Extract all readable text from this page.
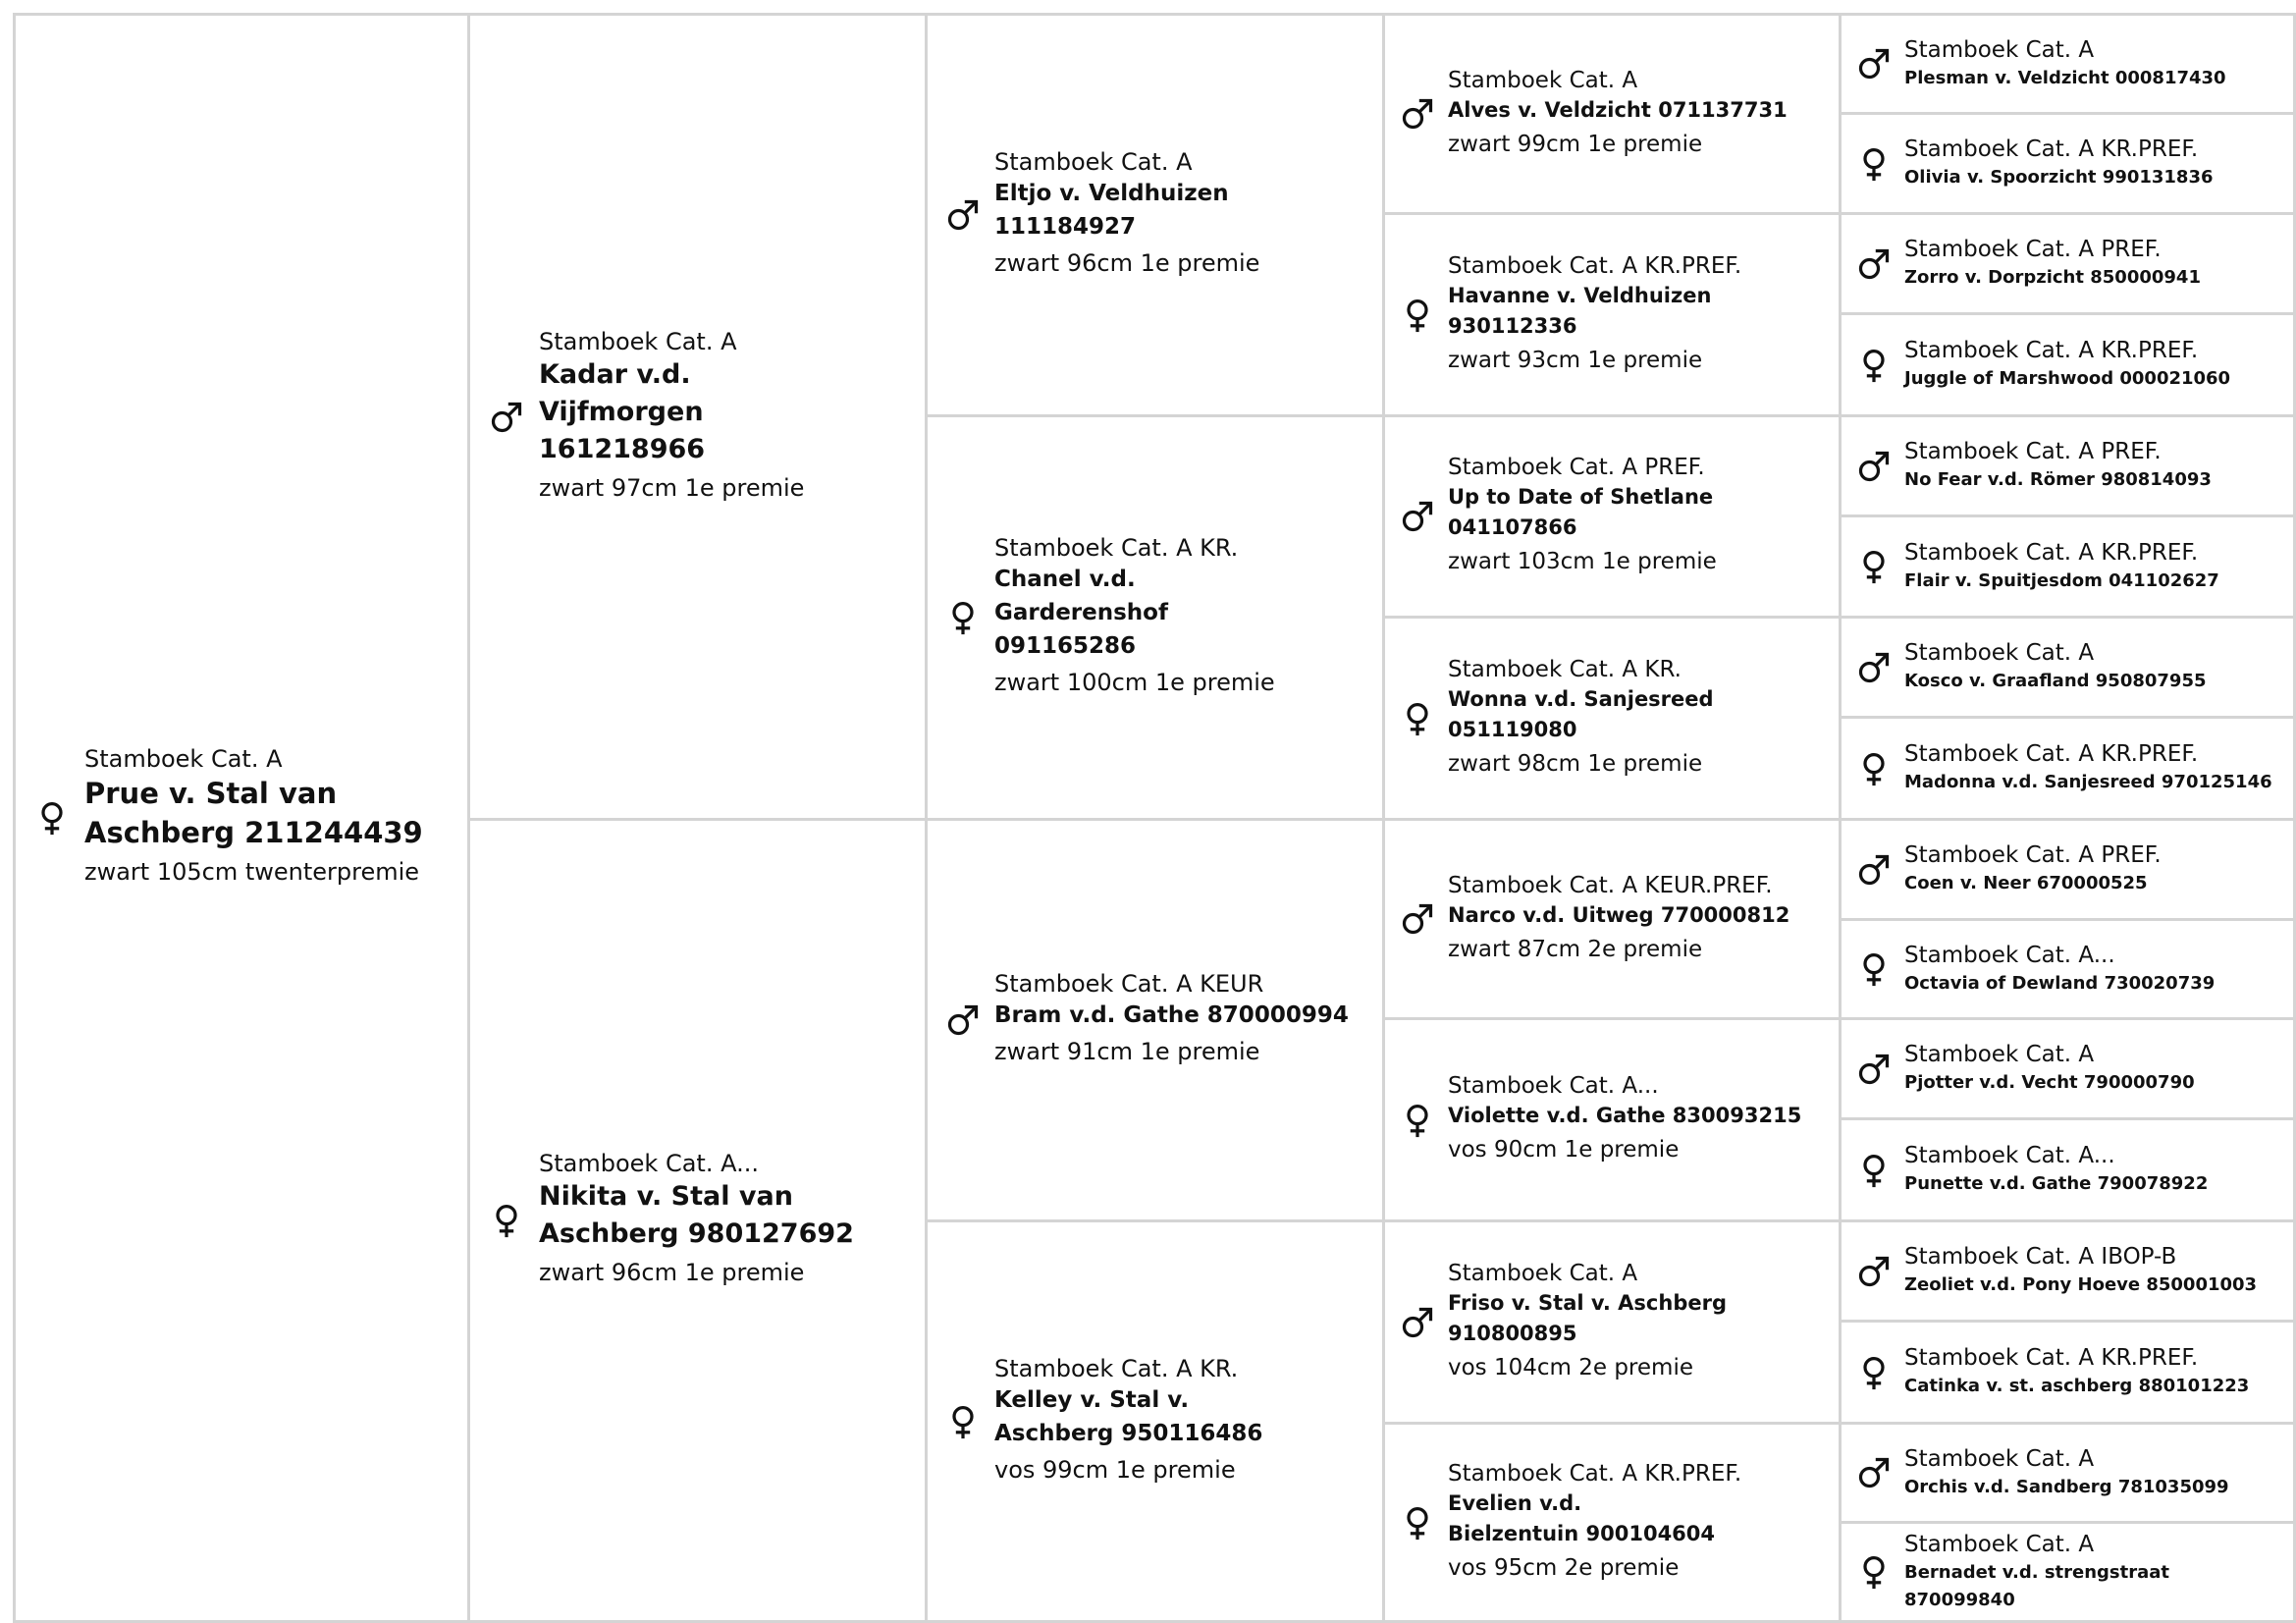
Stamboek Cat. A
Prue v. Stal van Aschberg 211244439
zwart 105cm twenterpremie
Stamboek Cat. A
Kadar v.d. Vijfmorgen 161218966
zwart 97cm 1e premie
Stamboek Cat. A...
Nikita v. Stal van Aschberg 980127692
zwart 96cm 1e premie
Stamboek Cat. A
Eltjo v. Veldhuizen 111184927
zwart 96cm 1e premie
Stamboek Cat. A KR.
Chanel v.d. Garderenshof 091165286
zwart 100cm 1e premie
Stamboek Cat. A KEUR
Bram v.d. Gathe 870000994
zwart 91cm 1e premie
Stamboek Cat. A KR.
Kelley v. Stal v. Aschberg 950116486
vos 99cm 1e premie
Stamboek Cat. A
Alves v. Veldzicht 071137731
zwart 99cm 1e premie
Stamboek Cat. A KR.PREF.
Havanne v. Veldhuizen 930112336
zwart 93cm 1e premie
Stamboek Cat. A PREF.
Up to Date of Shetlane 041107866
zwart 103cm 1e premie
Stamboek Cat. A KR.
Wonna v.d. Sanjesreed 051119080
zwart 98cm 1e premie
Stamboek Cat. A KEUR.PREF.
Narco v.d. Uitweg 770000812
zwart 87cm 2e premie
Stamboek Cat. A...
Violette v.d. Gathe 830093215
vos 90cm 1e premie
Stamboek Cat. A
Friso v. Stal v. Aschberg 910800895
vos 104cm 2e premie
Stamboek Cat. A KR.PREF.
Evelien v.d. Bielzentuin 900104604
vos 95cm 2e premie
Stamboek Cat. A
Plesman v. Veldzicht 000817430
Stamboek Cat. A KR.PREF.
Olivia v. Spoorzicht 990131836
Stamboek Cat. A PREF.
Zorro v. Dorpzicht 850000941
Stamboek Cat. A KR.PREF.
Juggle of Marshwood 000021060
Stamboek Cat. A PREF.
No Fear v.d. Römer 980814093
Stamboek Cat. A KR.PREF.
Flair v. Spuitjesdom 041102627
Stamboek Cat. A
Kosco v. Graafland 950807955
Stamboek Cat. A KR.PREF.
Madonna v.d. Sanjesreed 970125146
Stamboek Cat. A PREF.
Coen v. Neer 670000525
Stamboek Cat. A...
Octavia of Dewland 730020739
Stamboek Cat. A
Pjotter v.d. Vecht 790000790
Stamboek Cat. A...
Punette v.d. Gathe 790078922
Stamboek Cat. A IBOP-B
Zeoliet v.d. Pony Hoeve 850001003
Stamboek Cat. A KR.PREF.
Catinka v. st. aschberg 880101223
Stamboek Cat. A
Orchis v.d. Sandberg 781035099
Stamboek Cat. A
Bernadet v.d. strengstraat 870099840
